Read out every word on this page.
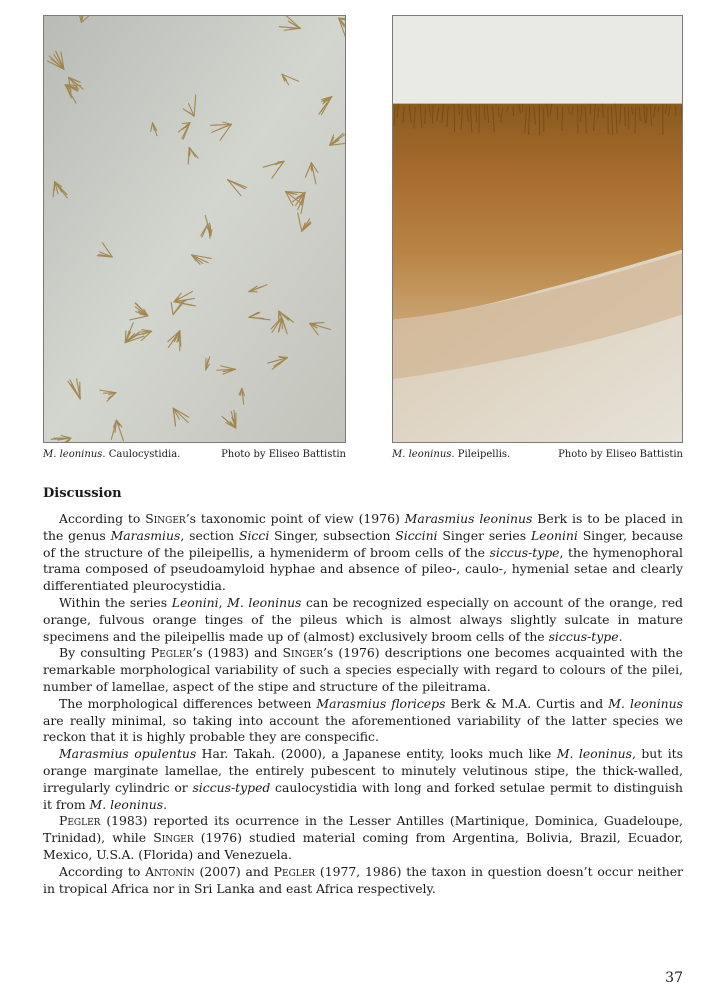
M. leoninus. Caulocystidia.	Photo by Eliseo Battistin	M. leoninus. Pileipellis.	Photo by Eliseo Battistin
Discussion

According to Singer’s taxonomic point of view (1976) Marasmius leoninus Berk is to be placed in the genus Marasmius, section Sicci Singer, subsection Siccini Singer series Leonini Singer, because of the structure of the pileipellis, a hymeniderm of broom cells of the siccus-type, the hymenophoral trama composed of pseudoamyloid hyphae and absence of pileo-, caulo-, hymenial setae and clearly differentiated pleurocystidia.

Within the series Leonini, M. leoninus can be recognized especially on account of the orange, red orange, fulvous orange tinges of the pileus which is almost always slightly sulcate in mature specimens and the pileipellis made up of (almost) exclusively broom cells of the siccus-type.

By consulting Pegler’s (1983) and Singer’s (1976) descriptions one becomes acquainted with the remarkable morphological variability of such a species especially with regard to colours of the pilei, number of lamellae, aspect of the stipe and structure of the pileitrama.

The morphological differences between Marasmius floriceps Berk & M.A. Curtis and M. leoninus are really minimal, so taking into account the aforementioned variability of the latter species we reckon that it is highly probable they are conspecific.

Marasmius opulentus Har. Takah. (2000), a Japanese entity, looks much like M. leoninus, but its orange marginate lamellae, the entirely pubescent to minutely velutinous stipe, the thick-walled, irregularly cylindric or siccus-typed caulocystidia with long and forked setulae permit to distinguish it from M. leoninus.

Pegler (1983) reported its ocurrence in the Lesser Antilles (Martinique, Dominica, Guadeloupe, Trinidad), while Singer (1976) studied material coming from Argentina, Bolivia, Brazil, Ecuador, Mexico, U.S.A. (Florida) and Venezuela.

According to Antonín (2007) and Pegler (1977, 1986) the taxon in question doesn’t occur neither in tropical Africa nor in Sri Lanka and east Africa respectively.

37
